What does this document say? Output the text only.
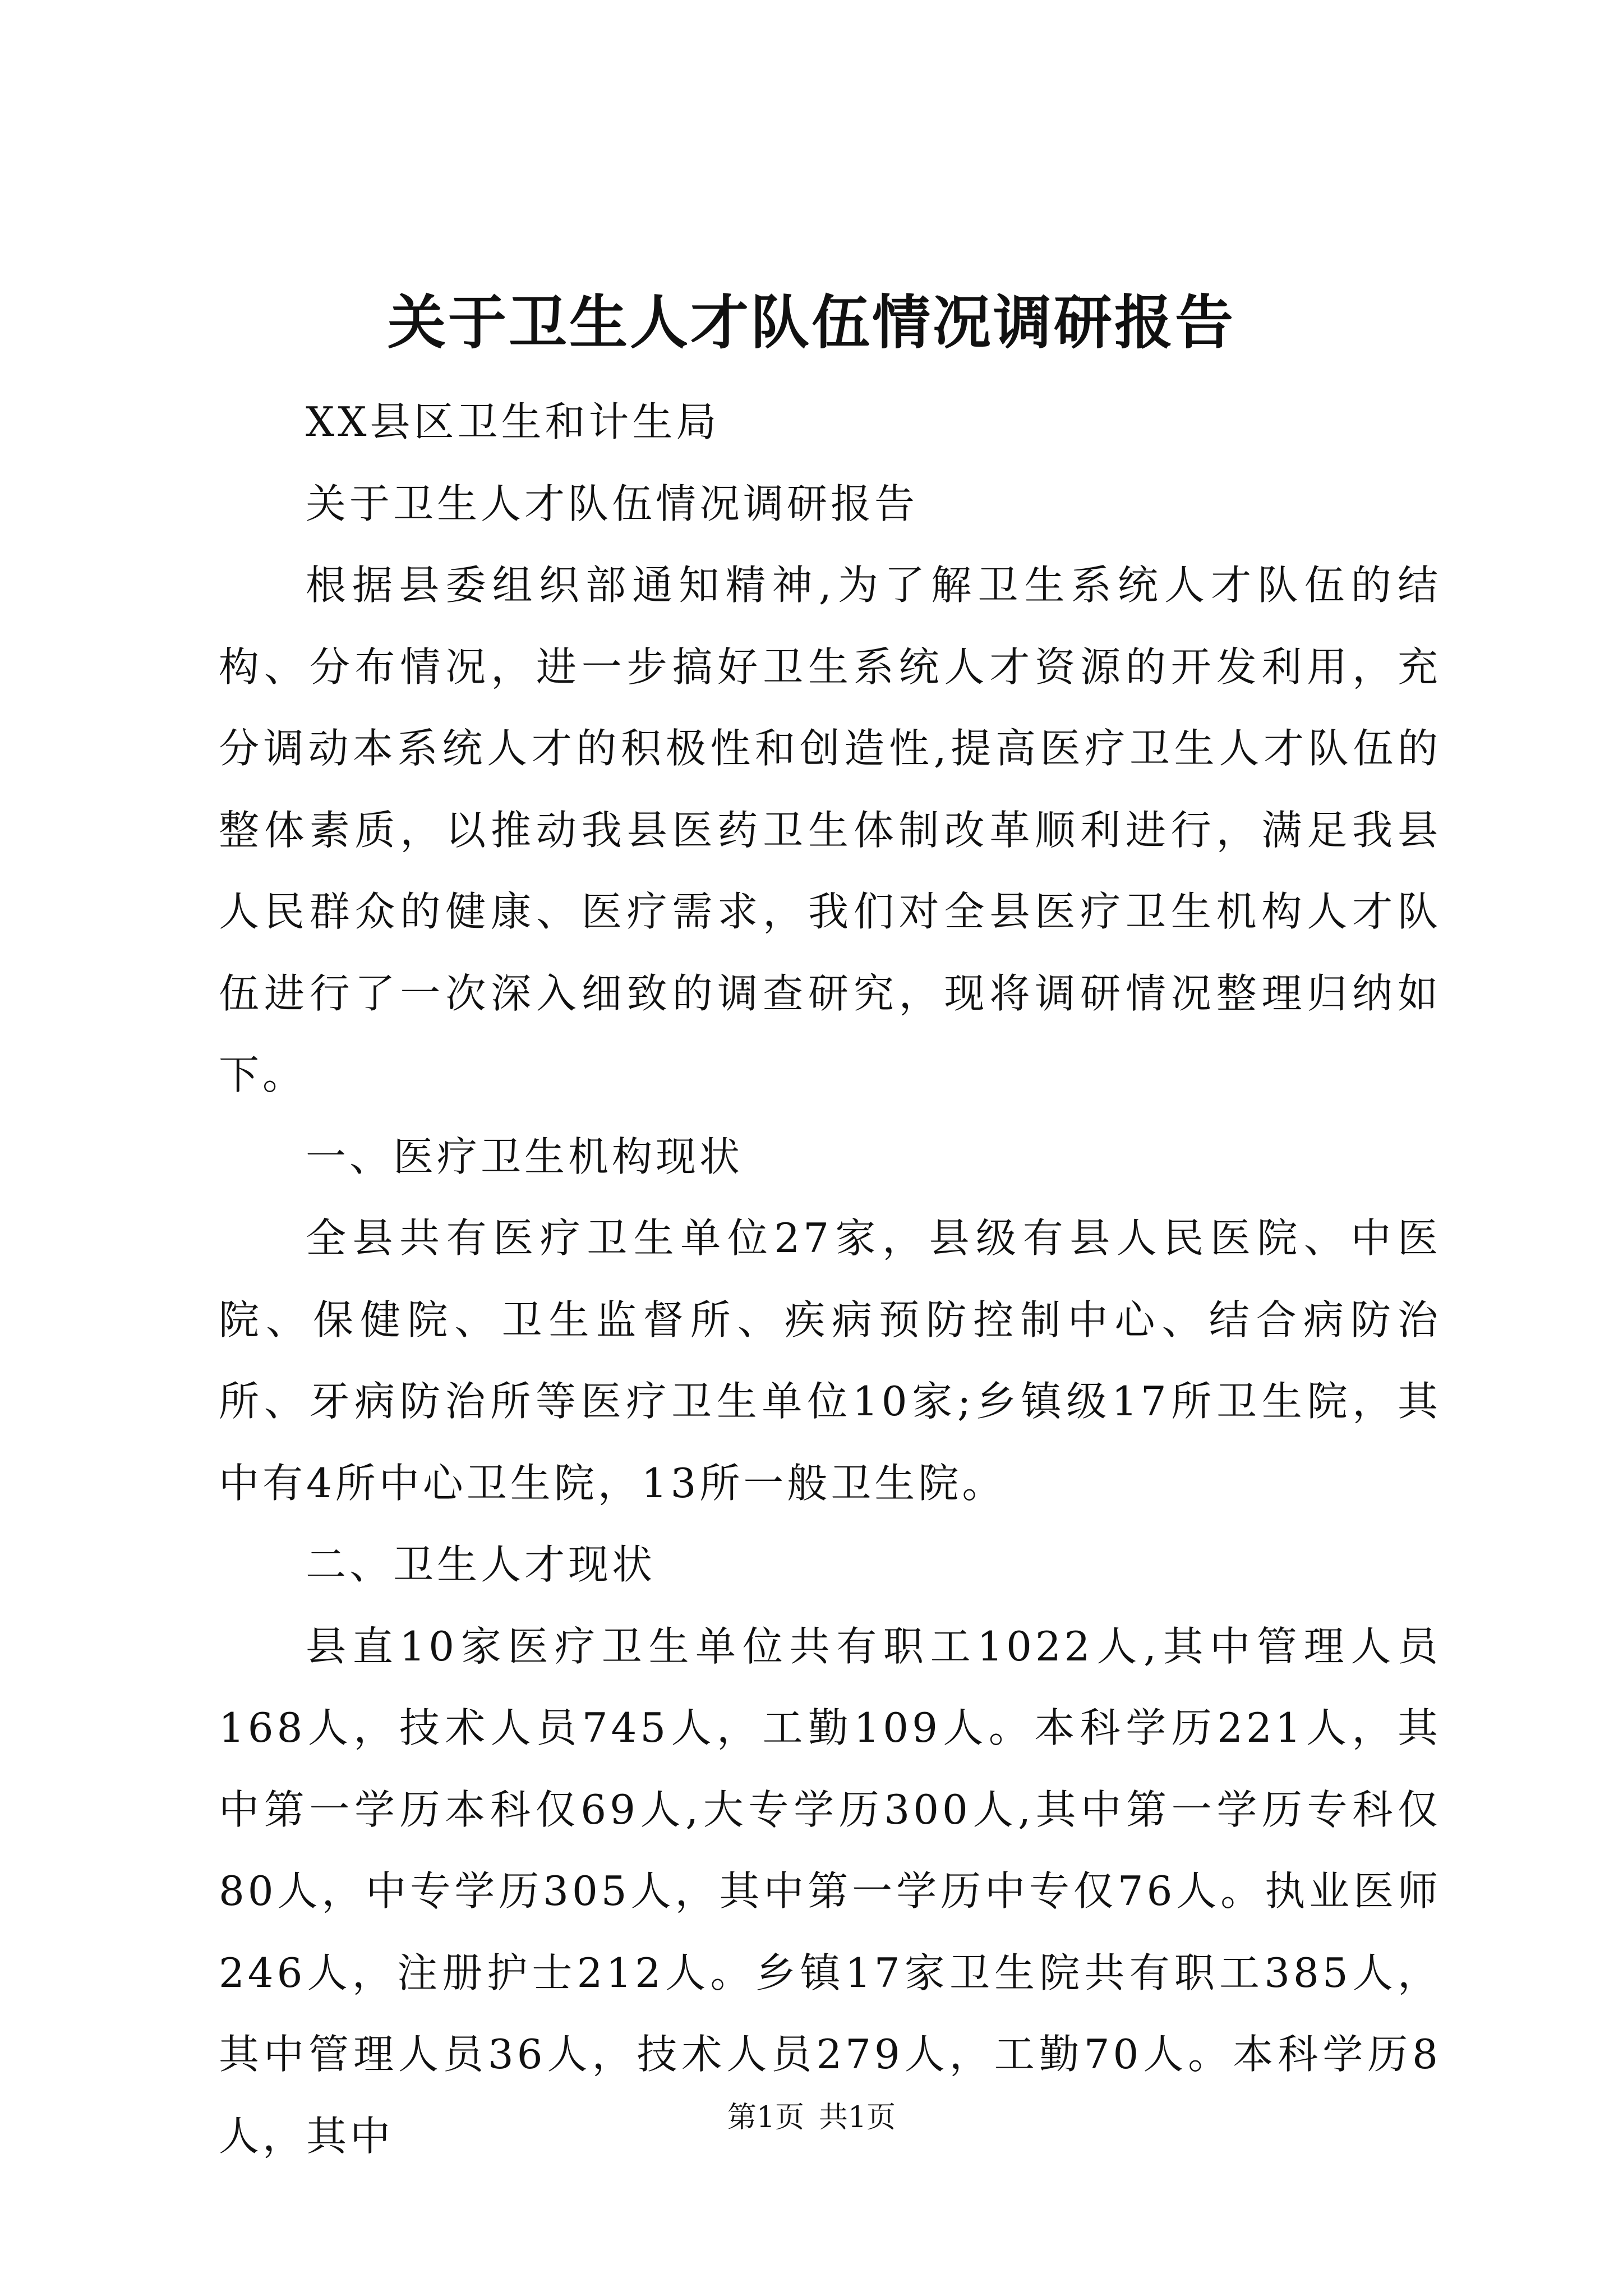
关于卫生人才队伍情况调研报告

XX县区卫生和计生局

关于卫生人才队伍情况调研报告

根据县委组织部通知精神,为了解卫生系统人才队伍的结构、分布情况，进一步搞好卫生系统人才资源的开发利用，充分调动本系统人才的积极性和创造性,提高医疗卫生人才队伍的整体素质，以推动我县医药卫生体制改革顺利进行，满足我县人民群众的健康、医疗需求，我们对全县医疗卫生机构人才队伍进行了一次深入细致的调查研究，现将调研情况整理归纳如下。

一、医疗卫生机构现状

全县共有医疗卫生单位27家，县级有县人民医院、中医院、保健院、卫生监督所、疾病预防控制中心、结合病防治所、牙病防治所等医疗卫生单位10家;乡镇级17所卫生院，其中有4所中心卫生院，13所一般卫生院。

二、卫生人才现状

县直10家医疗卫生单位共有职工1022人,其中管理人员168人，技术人员745人，工勤109人。本科学历221人，其中第一学历本科仅69人,大专学历300人,其中第一学历专科仅80人，中专学历305人，其中第一学历中专仅76人。执业医师246人，注册护士212人。乡镇17家卫生院共有职工385人，其中管理人员36人，技术人员279人，工勤70人。本科学历8人，其中	第1页 共1页
